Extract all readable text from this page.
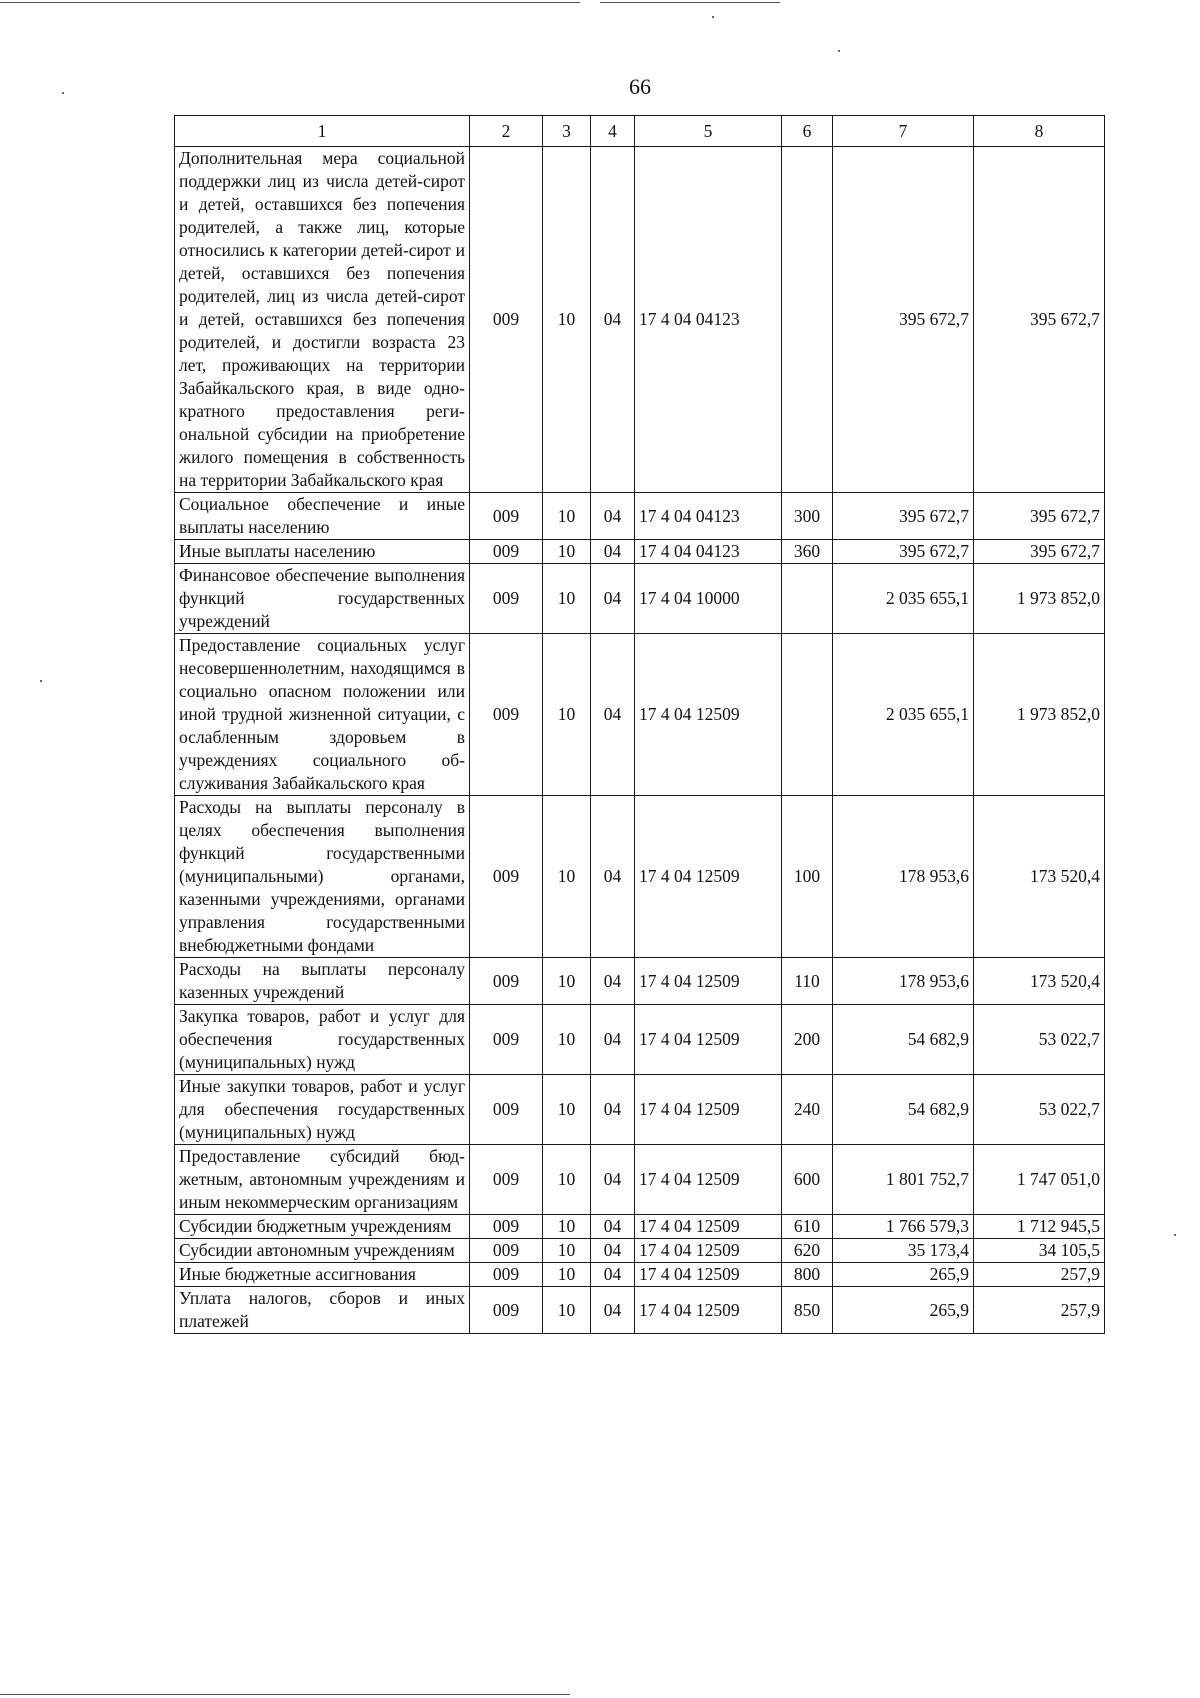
66
1	2	3	4	5	6	7	8
Дополнительная мера социальной поддержки лиц из числа детей-сирот и детей, оставшихся без попечения родителей, а также лиц, которые относились к категории детей-сирот и детей, оставшихся без попечения родителей, лиц из числа детей-сирот и детей, оставшихся без попечения родителей, и достигли возраста 23 лет, проживающих на территории Забайкальского края, в виде однократного предоставления региональной субсидии на приобретение жилого помещения в собственность на территории Забайкальского края	009	10	04	17 4 04 04123		395 672,7	395 672,7
Социальное обеспечение и иные выплаты населению	009	10	04	17 4 04 04123	300	395 672,7	395 672,7
Иные выплаты населению	009	10	04	17 4 04 04123	360	395 672,7	395 672,7
Финансовое обеспечение выполнения функций государственных учреждений	009	10	04	17 4 04 10000		2 035 655,1	1 973 852,0
Предоставление социальных услуг несовершеннолетним, находящимся в социально опасном положении или иной трудной жизненной ситуации, с ослабленным здоровьем в учреждениях социального обслуживания Забайкальского края	009	10	04	17 4 04 12509		2 035 655,1	1 973 852,0
Расходы на выплаты персоналу в целях обеспечения выполнения функций государственными (муниципальными) органами, казенными учреждениями, органами управления государственными внебюджетными фондами	009	10	04	17 4 04 12509	100	178 953,6	173 520,4
Расходы на выплаты персоналу казенных учреждений	009	10	04	17 4 04 12509	110	178 953,6	173 520,4
Закупка товаров, работ и услуг для обеспечения государственных (муниципальных) нужд	009	10	04	17 4 04 12509	200	54 682,9	53 022,7
Иные закупки товаров, работ и услуг для обеспечения государственных (муниципальных) нужд	009	10	04	17 4 04 12509	240	54 682,9	53 022,7
Предоставление субсидий бюджетным, автономным учреждениям и иным некоммерческим организациям	009	10	04	17 4 04 12509	600	1 801 752,7	1 747 051,0
Субсидии бюджетным учреждениям	009	10	04	17 4 04 12509	610	1 766 579,3	1 712 945,5
Субсидии автономным учреждениям	009	10	04	17 4 04 12509	620	35 173,4	34 105,5
Иные бюджетные ассигнования	009	10	04	17 4 04 12509	800	265,9	257,9
Уплата налогов, сборов и иных платежей	009	10	04	17 4 04 12509	850	265,9	257,9
